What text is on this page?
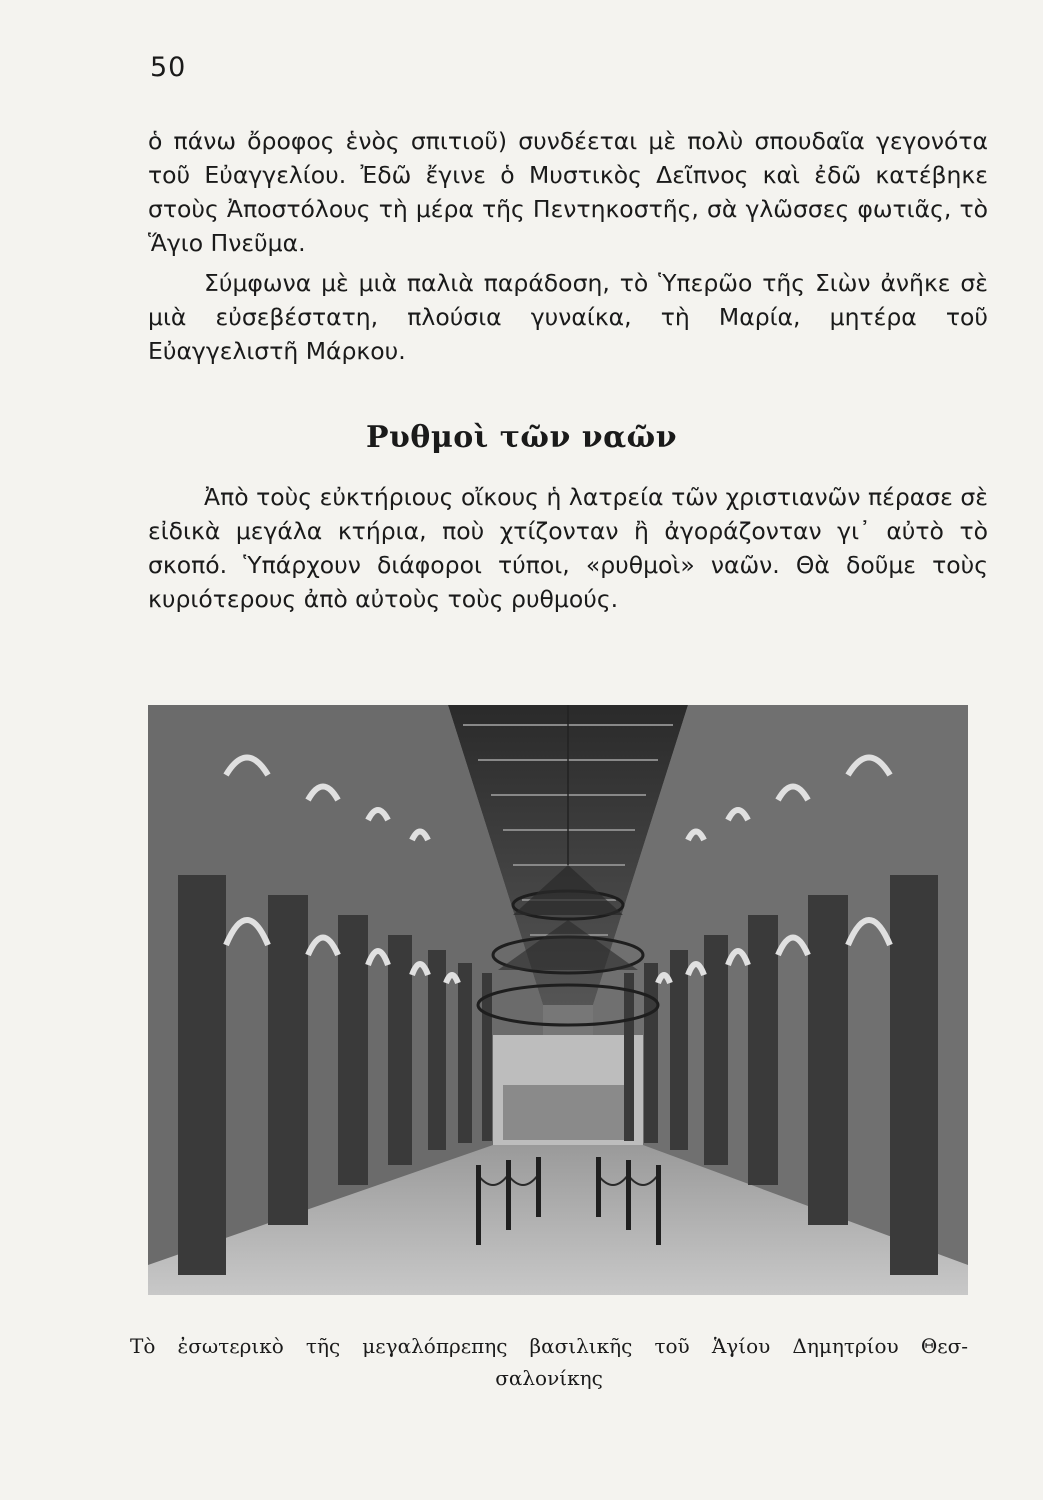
50

ὁ πάνω ὄροφος ἑνὸς σπιτιοῦ) συνδέεται μὲ πολὺ σπουδαῖα γεγονότα τοῦ Εὐαγγελίου. Ἐδῶ ἔγινε ὁ Μυστικὸς Δεῖπνος καὶ ἐδῶ κατέβηκε στοὺς Ἀποστόλους τὴ μέρα τῆς Πεντηκοστῆς, σὰ γλῶσσες φωτιᾶς, τὸ Ἅγιο Πνεῦμα.

Σύμφωνα μὲ μιὰ παλιὰ παράδοση, τὸ Ὑπερῶο τῆς Σιὼν ἀνῆκε σὲ μιὰ εὐσεβέστατη, πλούσια γυναίκα, τὴ Μαρία, μητέρα τοῦ Εὐαγγελιστῆ Μάρκου.

Ρυθμοὶ τῶν ναῶν

Ἀπὸ τοὺς εὐκτήριους οἴκους ἡ λατρεία τῶν χριστιανῶν πέρασε σὲ εἰδικὰ μεγάλα κτήρια, ποὺ χτίζονταν ἢ ἀγοράζονταν γι᾽ αὐτὸ τὸ σκοπό. Ὑπάρχουν διάφοροι τύποι, «ρυθμοὶ» ναῶν. Θὰ δοῦμε τοὺς κυριότερους ἀπὸ αὐτοὺς τοὺς ρυθμούς.

Τὸ ἐσωτερικὸ τῆς μεγαλόπρεπης βασιλικῆς τοῦ Ἁγίου Δημητρίου Θεσ-
σαλονίκης
